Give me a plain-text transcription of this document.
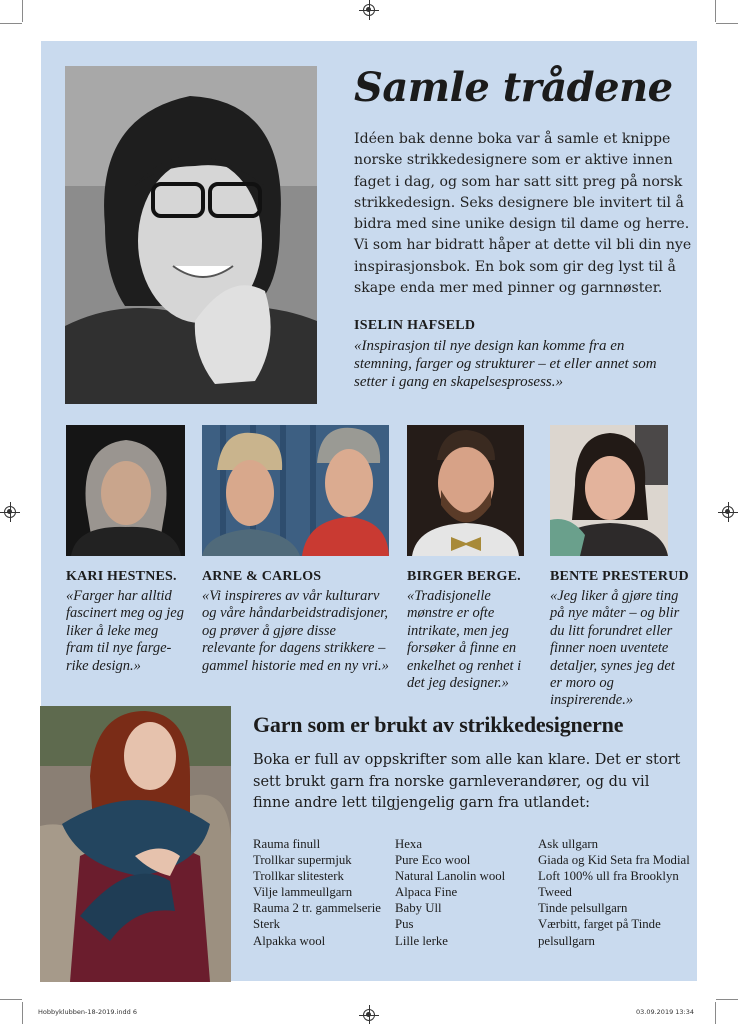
Samle trådene

Idéen bak denne boka var å samle et knippe norske strikkedesignere som er aktive innen faget i dag, og som har satt sitt preg på norsk strikkedesign. Seks designere ble invitert til å bidra med sine unike design til dame og herre. Vi som har bidratt håper at dette vil bli din nye inspirasjonsbok. En bok som gir deg lyst til å skape enda mer med pinner og garnnøster.

ISELIN HAFSELD

«Inspirasjon til nye design kan komme fra en stemning, farger og strukturer – et eller annet som setter i gang en skapelsesprosess.»

KARI HESTNES.

«Farger har alltid fascinert meg og jeg liker å leke meg fram til nye farge-rike design.»

ARNE & CARLOS

«Vi inspireres av vår kulturarv og våre håndarbeidstradisjoner, og prøver å gjøre disse relevante for dagens strikkere – gammel historie med en ny vri.»

BIRGER BERGE.

«Tradisjonelle mønstre er ofte intrikate, men jeg forsøker å finne en enkelhet og renhet i det jeg designer.»

BENTE PRESTERUD

«Jeg liker å gjøre ting på nye måter – og blir du litt forundret eller finner noen uventete detaljer, synes jeg det er moro og inspirerende.»

Garn som er brukt av strikkedesignerne

Boka er full av oppskrifter som alle kan klare. Det er stort sett brukt garn fra norske garnleverandører, og du vil finne andre lett tilgjengelig garn fra utlandet:

Rauma finull
Trollkar supermjuk
Trollkar slitesterk
Vilje lammeullgarn
Rauma 2 tr. gammelserie
Sterk
Alpakka wool
Hexa
Pure Eco wool
Natural Lanolin wool
Alpaca Fine
Baby Ull
Pus
Lille lerke
Ask ullgarn
Giada og Kid Seta fra Modial
Loft 100% ull fra Brooklyn
Tweed
Tinde pelsullgarn
Værbitt, farget på Tinde
pelsullgarn
Hobbyklubben-18-2019.indd 6	03.09.2019 13:34
